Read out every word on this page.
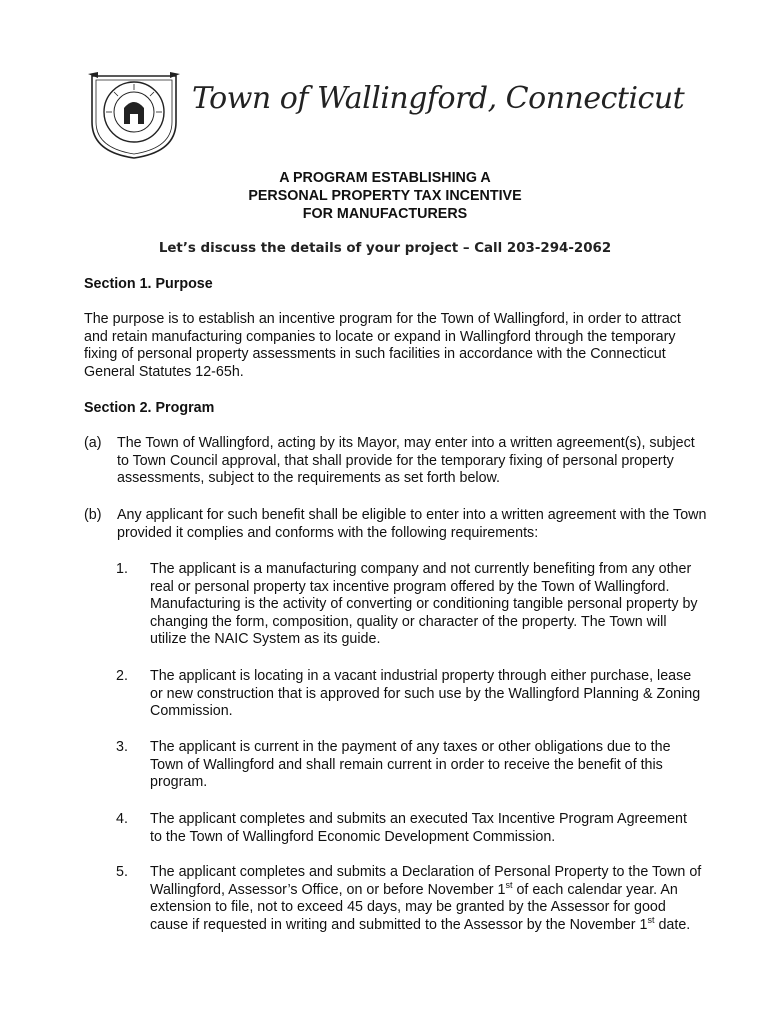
Town of Wallingford, Connecticut
A PROGRAM ESTABLISHING A
PERSONAL PROPERTY TAX INCENTIVE
FOR MANUFACTURERS
Let’s discuss the details of your project – Call 203-294-2062
Section 1. Purpose
The purpose is to establish an incentive program for the Town of Wallingford, in order to attract and retain manufacturing companies to locate or expand in Wallingford through the temporary fixing of personal property assessments in such facilities in accordance with the Connecticut General Statutes 12-65h.
Section 2. Program
(a) The Town of Wallingford, acting by its Mayor, may enter into a written agreement(s), subject to Town Council approval, that shall provide for the temporary fixing of personal property assessments, subject to the requirements as set forth below.
(b) Any applicant for such benefit shall be eligible to enter into a written agreement with the Town provided it complies and conforms with the following requirements:
1. The applicant is a manufacturing company and not currently benefiting from any other real or personal property tax incentive program offered by the Town of Wallingford. Manufacturing is the activity of converting or conditioning tangible personal property by changing the form, composition, quality or character of the property. The Town will utilize the NAIC System as its guide.
2. The applicant is locating in a vacant industrial property through either purchase, lease or new construction that is approved for such use by the Wallingford Planning & Zoning Commission.
3. The applicant is current in the payment of any taxes or other obligations due to the Town of Wallingford and shall remain current in order to receive the benefit of this program.
4. The applicant completes and submits an executed Tax Incentive Program Agreement to the Town of Wallingford Economic Development Commission.
5. The applicant completes and submits a Declaration of Personal Property to the Town of Wallingford, Assessor’s Office, on or before November 1st of each calendar year. An extension to file, not to exceed 45 days, may be granted by the Assessor for good cause if requested in writing and submitted to the Assessor by the November 1st date.
